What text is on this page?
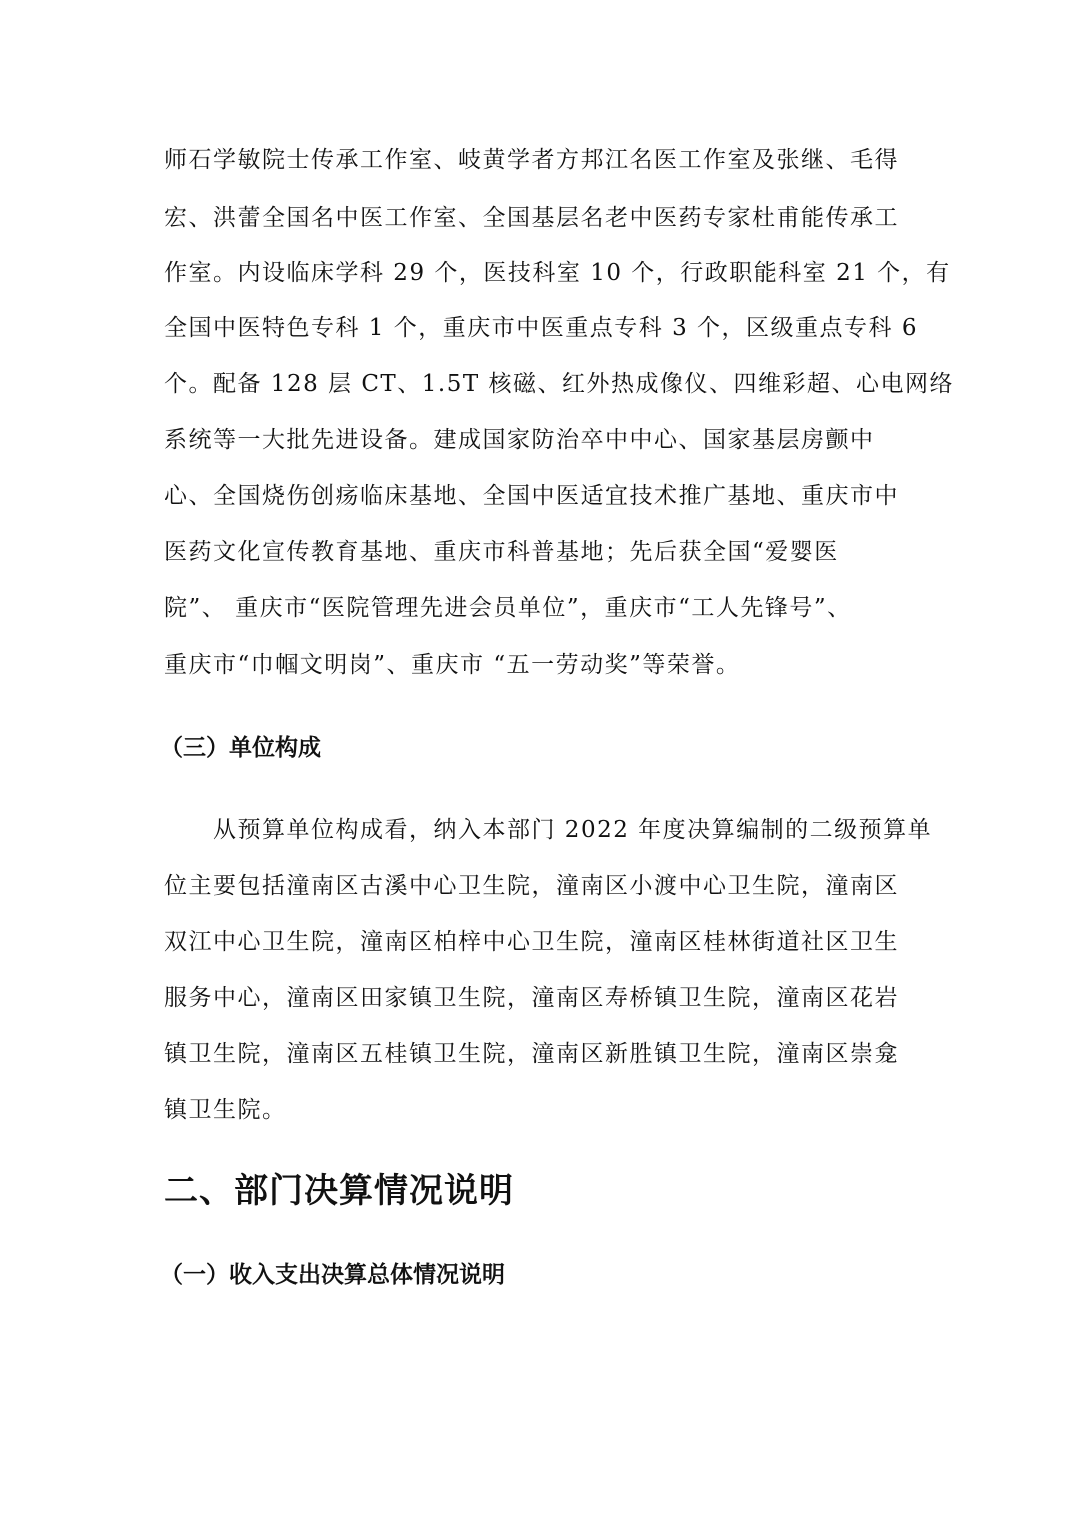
师石学敏院士传承工作室、岐黄学者方邦江名医工作室及张继、毛得
宏、洪蕾全国名中医工作室、全国基层名老中医药专家杜甫能传承工
作室。内设临床学科 29 个，医技科室 10 个，行政职能科室 21 个，有
全国中医特色专科 1 个，重庆市中医重点专科 3 个，区级重点专科 6
个。配备 128 层 CT、1.5T 核磁、红外热成像仪、四维彩超、心电网络
系统等一大批先进设备。建成国家防治卒中中心、国家基层房颤中
心、全国烧伤创疡临床基地、全国中医适宜技术推广基地、重庆市中
医药文化宣传教育基地、重庆市科普基地；先后获全国“爱婴医
院”、 重庆市“医院管理先进会员单位”，重庆市“工人先锋号”、
重庆市“巾帼文明岗”、重庆市 “五一劳动奖”等荣誉。
（三）单位构成
　　从预算单位构成看，纳入本部门 2022 年度决算编制的二级预算单
位主要包括潼南区古溪中心卫生院，潼南区小渡中心卫生院，潼南区
双江中心卫生院，潼南区柏梓中心卫生院，潼南区桂林街道社区卫生
服务中心，潼南区田家镇卫生院，潼南区寿桥镇卫生院，潼南区花岩
镇卫生院，潼南区五桂镇卫生院，潼南区新胜镇卫生院，潼南区崇龛
镇卫生院。
二、部门决算情况说明
（一）收入支出决算总体情况说明
